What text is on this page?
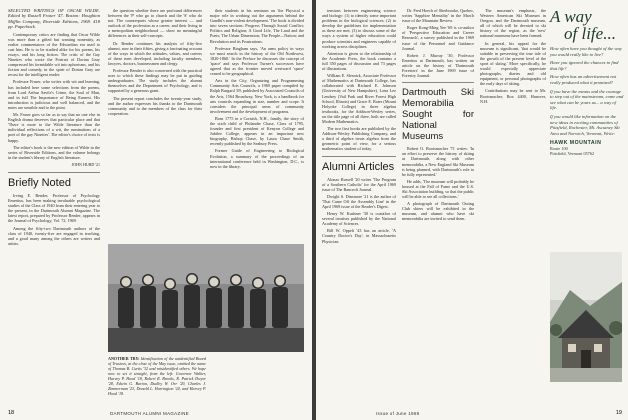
SELECTED WRITINGS OF OSCAR WILDE. Edited by Russell Fraser '47. Boston: Houghton Mifflin Company, Riverside Editions, 1969. 418 pp. Paperback.

Contemporary critics are finding that Oscar Wilde was more than a gifted but wanting nonentity, as earlier commentators of the Edwardian era used to cast him. He is to be studied alike for his poems, his essays, and his long fiction. The critic of the Gay Nineties who wrote the Portrait of Dorian Gray compressed his formidable wit into aphorisms, and his fiction and comedy, in the spirit of Dorian Gray are recast for the intelligent reader.

Professor Fraser, who writes with wit and learning, has included here some selections from the poems, from Lord Arthur Savile's Crime, the Soul of Man, and in full The Importance of Being Earnest. His introduction is judicious and well balanced, and the notes are sensible and to the point.

Mr. Fraser goes so far as to say that no one else in English drama deserves that particular place and that 'There is more to the Wilde literature than the individual reflections of a wit, the ruminations of a poet of the gay Nineties'. The editor's choice of texts is happy.

The editor's book is the new edition of Wilde in the series of Riverside Editions, and the volume belongs in the student's library of English literature.

JOHN HURD '21
Briefly Noted

Irving E. Bender, Professor of Psychology Emeritus, has been making invaluable psychological studies of the Class of 1940 from their entering year to the present, in the Dartmouth Alumni Magazine. The latest report, prepared by Professor Bender, appears in the Journal of Psychology, Vol. 72, 1969.

Among the fifty-two Dartmouth authors of the class of 1940, twenty-five are engaged in teaching, and a good many among the others are writers and artists.

the question whether there are profound differences between the 'P' who go to church and the 'S' who do not. The counterparts whose greater interest — and outlook of the profession as a career, and their living in a metropolitan neighborhood — show no meaningful differences in their self-concepts.

Dr. Bender continues his analysis of fifty-five alumni, now in their fifties, giving a fascinating account of the ways in which the attitudes, values, and careers of these men developed, including faculty members, lawyers, doctors, businessmen and clergy.

Professor Bender is also concerned with the practical uses to which these findings may be put in guiding undergraduates. The study includes the alumni themselves and the Department of Psychology, and is supported by a generous grant.

The present report concludes the twenty-year study, and the author expresses his thanks to the Dartmouth community and to the members of the class for their cooperation.

their students in his seminars on 'the Physical a major role in working out the arguments behind the Gandhi's non-violent development.' The book is divided into seven sections: Progress Through Social Conflict; Politics and Religion; A Good Life, The Land and the Poets; The Urban Dimension; The People—Nation; and Revolution and its Frustrations.

Professor Bingham says, 'An arms policy in ways we must search in the history of the Old Northwest, 1820-1860.' In the Preface he discusses the concept of 'space' and says Professor Turner's successors have agreed that as the frontier moved westward 'space' ceased to be geographical.

Arts in the City, Organizing and Programming Community Arts Councils, a 1969 paper compiled by Ralph Burgard '49, published by Associated Councils of the Arts, 1564 Broadway, New York, is a handbook for arts councils expanding in size, number and scope. It considers the principal areas of community involvement and the development of programs.

Born 1775 in a Cornish, N.H., family, the story of the sixth child of Philander Chase, Class of 1795, founder and first president of Kenyon College and Jubilee College, appears in an important new biography, Bishop Chase, by Laura Chase Smith, recently published by the Seabury Press.

Former Guide of Engineering to Biological Evolution, a summary of the proceedings of an international conference held in Washington, D.C., is now in the library.

ANOTHER TRY: Identification of the unidentified Board of Trustees, at the close of the May issue, omitted the name of Thomas B. Curtis '32 and misidentified others. We hope now to set it straight, from the left: Governor Walker, Harvey P. Hood '18, Robert R. Brooks, R. Patrick Dwyer '28, Edwin G. Barton, Dudley W. Orr '29, Charles J. Zimmerman '23, Donald L. Harrington '24, and Harvey P. Hood '18.
18	DARTMOUTH ALUMNI MAGAZINE

tensions between engineering science and biology: (1) to identify some important problems in the biological sciences; (2) to develop the guidelines for implementation as these are met; (3) to discuss some of the ways a system of higher education could produce scientists and engineers capable of working across disciplines.

Attention is given to the relationship of the Academic Press, the book contains a full 350 pages of discussion and 73 pages of illustrations.

William E. Slesnick, Associate Professor of Mathematics at Dartmouth College, has collaborated with Richard E. Johnson (University of New Hampshire), Lona Lee Lendsey (Vail Park and River Forest High School, Illinois) and Grace E. Bates (Mount Holyoke College) in three algebra textbooks, for the Addison-Wesley series, on the title page of all three, both are called Modern Mathematics.

The two first books are published by the Addison-Wesley Publishing Company, and a third of algebra treats algebra from the geometric point of view, for a serious mathematics student of today.

Alumni Articles

Alonzo Russell '20 writes 'The Program of a Southern Catholic' for the April 1969 issue of The Bancroft Journal.

Dwight S. Dinsmore '21 is the author of 'That Came Off the Assembly Line' in the April 1969 issue of the Reader's Digest.

Henry W. Kushner '30 is coauthor of several treatises published by the National Academy of Sciences.

Bill W. Oppelt '43 has an article, 'A Country Doctor's Day', in Massachusetts Physician.

Dr. Fred Hoech of Sherbrooke, Quebec, writes 'Sapphire Mentality' in the March issue of the Mountain Review.

Roger Kong-Ming Yee '69 is co-author of 'Perspective Education and Career Research', a survey published in the 1969 issue of the Personnel and Guidance Journal.

Robert J. Murray '30, Professor Emeritus at Dartmouth, has written an article on the history of 'Dartmouth Foresters' in the June 1969 issue of Forestry Journal.

Dartmouth Ski Memorabilia Sought for National Museums

Robert O. Bootsmacher '71 writes: 'In an effort to preserve the history of skiing at Dartmouth, along with other memorabilia, a New England Ski Museum is being planned, with Dartmouth's role to be fully represented.'

He adds, 'The museum will probably be housed at the Fall of Fame and the U.S. Ski Association building, so that the public will be able to see all collections.'

A photograph of Dartmouth Outing Club skiers will be exhibited in the museum, and alumni who have ski memorabilia are invited to send them.

The museum's emphasis, the Western American Ski Museum in Oregon, and the Dartmouth museum, all of which will be devoted to ski history of the region, as the 'new' national museums have been formed.

In general, his appeal for the museum is significant, 'that would be suitable in preserving the true tale of the growth of the present level of the sport of skiing.' More specifically, he would especially appreciate photographs, diaries and old equipment, or personal photographs of the early days of skiing.

Contributions may be sent to Mr. Bootsmacher, Box 4400, Hanover, N.H.

A way
of life...
How often have you thought of the way you would really like to live?
Have you ignored the chances to find that life?
How often has an advertisement not really produced what it promised?
If you have the means and the courage to step out of the mainstream, come and see what can be yours as... a way of life.
If you would like information on the new ideas in exciting communities of Pittsfield, Rochester, Mt. Ascutney Ski Area and Norwich, Vermont, Write:
HAWK MOUNTAIN
Route 100
Pittsfield, Vermont 05762
Issue of June 1969	19
